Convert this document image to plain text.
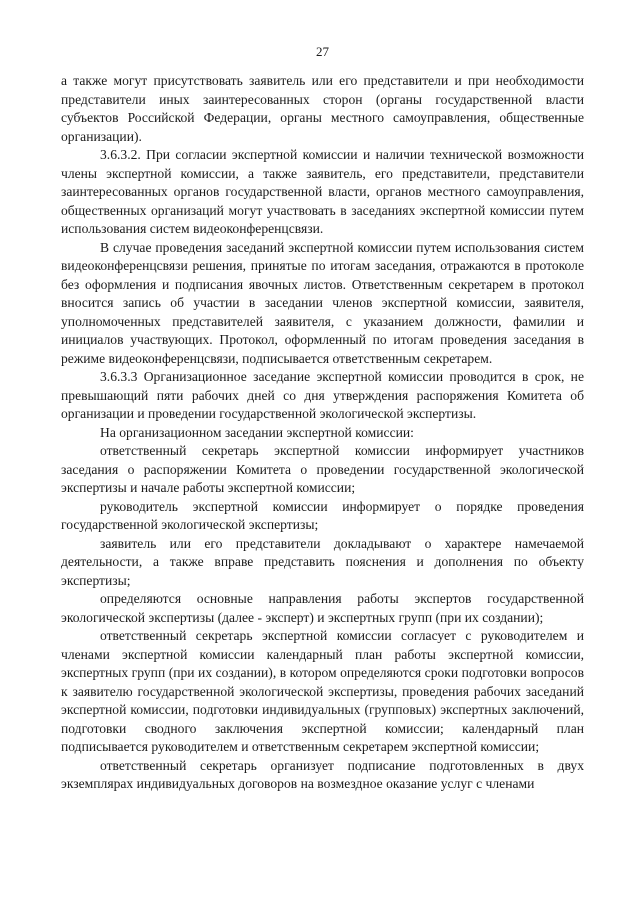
27

а также могут присутствовать заявитель или его представители и при необходимости представители иных заинтересованных сторон (органы государственной власти субъектов Российской Федерации, органы местного самоуправления, общественные организации).

3.6.3.2. При согласии экспертной комиссии и наличии технической возможности члены экспертной комиссии, а также заявитель, его представители, представители заинтересованных органов государственной власти, органов местного самоуправления, общественных организаций могут участвовать в заседаниях экспертной комиссии путем использования систем видеоконференцсвязи.

В случае проведения заседаний экспертной комиссии путем использования систем видеоконференцсвязи решения, принятые по итогам заседания, отражаются в протоколе без оформления и подписания явочных листов. Ответственным секретарем в протокол вносится запись об участии в заседании членов экспертной комиссии, заявителя, уполномоченных представителей заявителя, с указанием должности, фамилии и инициалов участвующих. Протокол, оформленный по итогам проведения заседания в режиме видеоконференцсвязи, подписывается ответственным секретарем.

3.6.3.3 Организационное заседание экспертной комиссии проводится в срок, не превышающий пяти рабочих дней со дня утверждения распоряжения Комитета об организации и проведении государственной экологической экспертизы.

На организационном заседании экспертной комиссии:

ответственный секретарь экспертной комиссии информирует участников заседания о распоряжении Комитета о проведении государственной экологической экспертизы и начале работы экспертной комиссии;

руководитель экспертной комиссии информирует о порядке проведения государственной экологической экспертизы;

заявитель или его представители докладывают о характере намечаемой деятельности, а также вправе представить пояснения и дополнения по объекту экспертизы;

определяются основные направления работы экспертов государственной экологической экспертизы (далее - эксперт) и экспертных групп (при их создании);

ответственный секретарь экспертной комиссии согласует с руководителем и членами экспертной комиссии календарный план работы экспертной комиссии, экспертных групп (при их создании), в котором определяются сроки подготовки вопросов к заявителю государственной экологической экспертизы, проведения рабочих заседаний экспертной комиссии, подготовки индивидуальных (групповых) экспертных заключений, подготовки сводного заключения экспертной комиссии; календарный план подписывается руководителем и ответственным секретарем экспертной комиссии;

ответственный секретарь организует подписание подготовленных в двух экземплярах индивидуальных договоров на возмездное оказание услуг с членами
